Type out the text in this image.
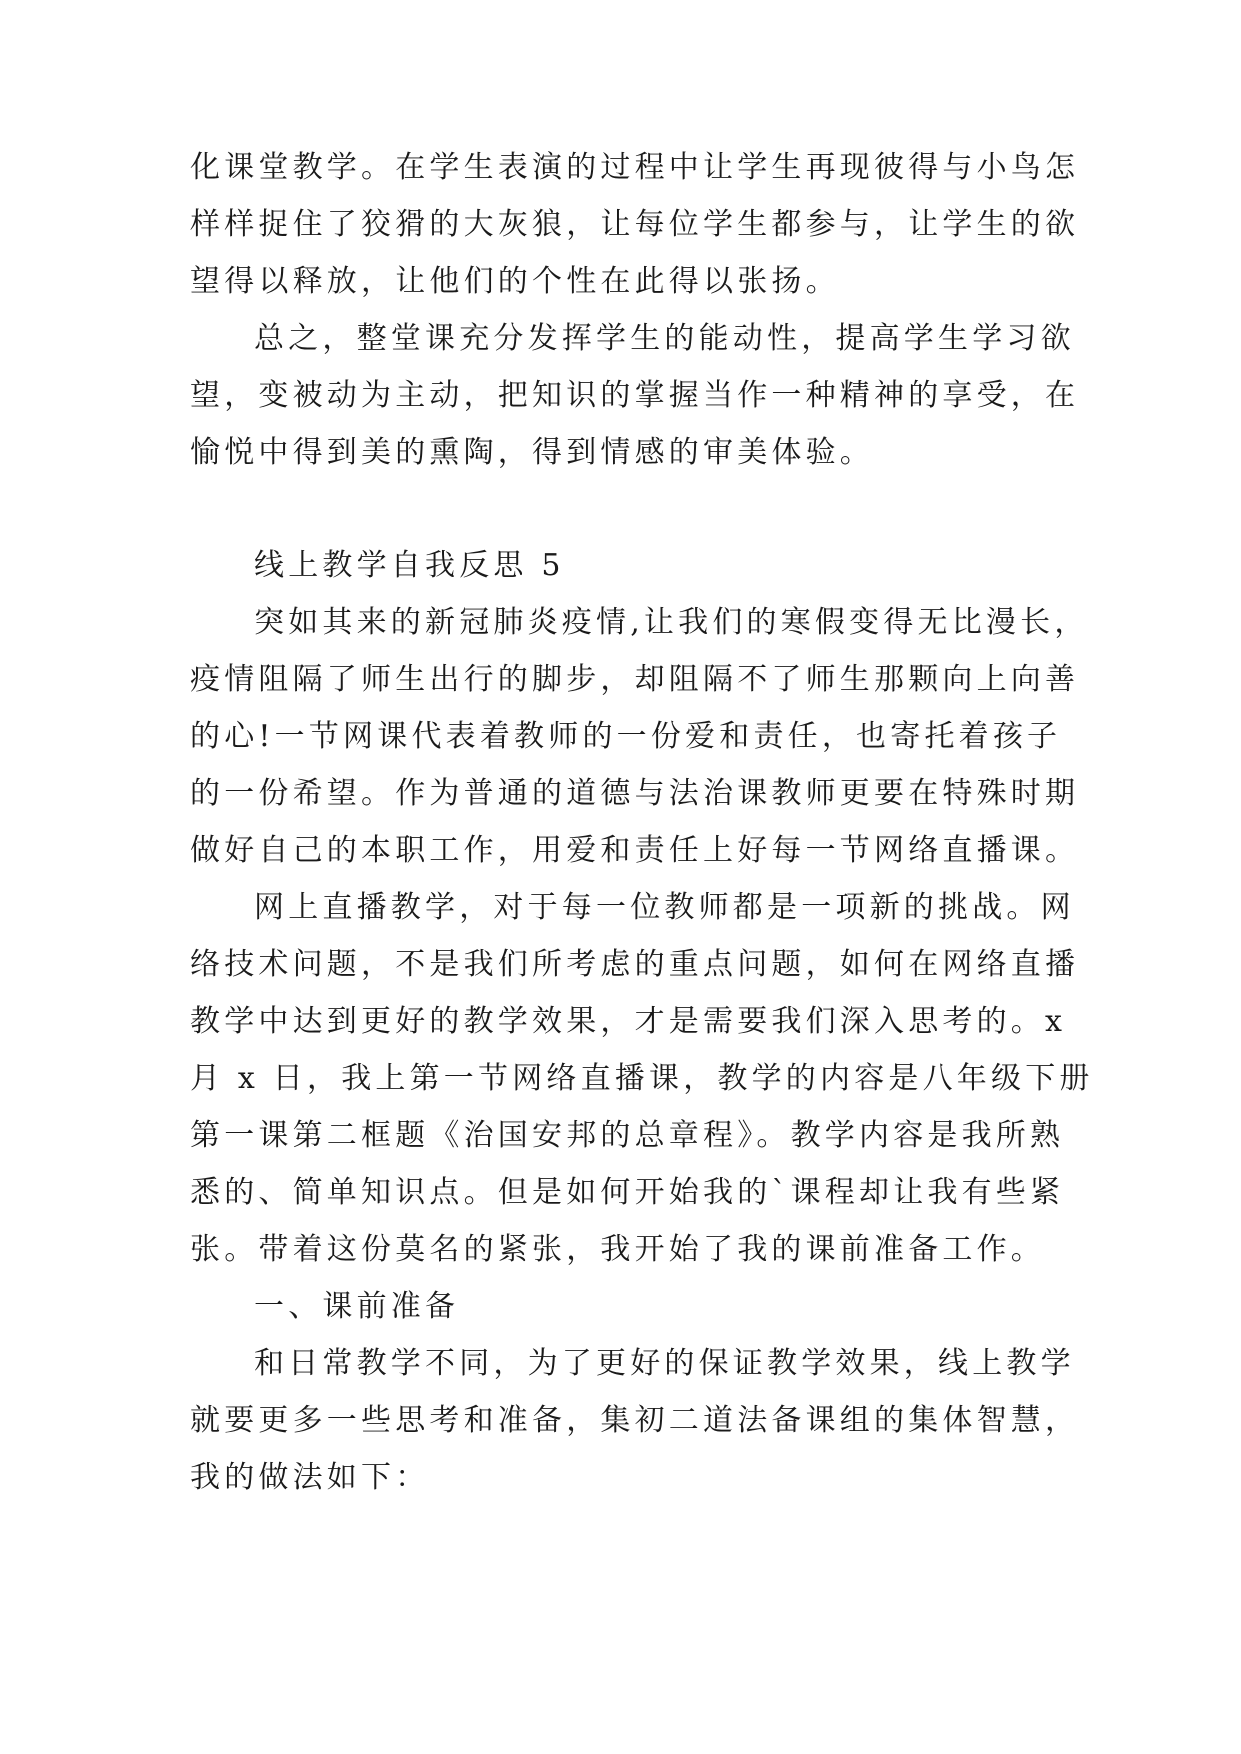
化课堂教学。在学生表演的过程中让学生再现彼得与小鸟怎
样样捉住了狡猾的大灰狼，让每位学生都参与，让学生的欲
望得以释放，让他们的个性在此得以张扬。
总之，整堂课充分发挥学生的能动性，提高学生学习欲
望，变被动为主动，把知识的掌握当作一种精神的享受，在
愉悦中得到美的熏陶，得到情感的审美体验。
线上教学自我反思 5
突如其来的新冠肺炎疫情,让我们的寒假变得无比漫长，
疫情阻隔了师生出行的脚步，却阻隔不了师生那颗向上向善
的心!一节网课代表着教师的一份爱和责任，也寄托着孩子
的一份希望。作为普通的道德与法治课教师更要在特殊时期
做好自己的本职工作，用爱和责任上好每一节网络直播课。
网上直播教学，对于每一位教师都是一项新的挑战。网
络技术问题，不是我们所考虑的重点问题，如何在网络直播
教学中达到更好的教学效果，才是需要我们深入思考的。x
月 x 日，我上第一节网络直播课，教学的内容是八年级下册
第一课第二框题《治国安邦的总章程》。教学内容是我所熟
悉的、简单知识点。但是如何开始我的`课程却让我有些紧
张。带着这份莫名的紧张，我开始了我的课前准备工作。
一、课前准备
和日常教学不同，为了更好的保证教学效果，线上教学
就要更多一些思考和准备，集初二道法备课组的集体智慧，
我的做法如下：
